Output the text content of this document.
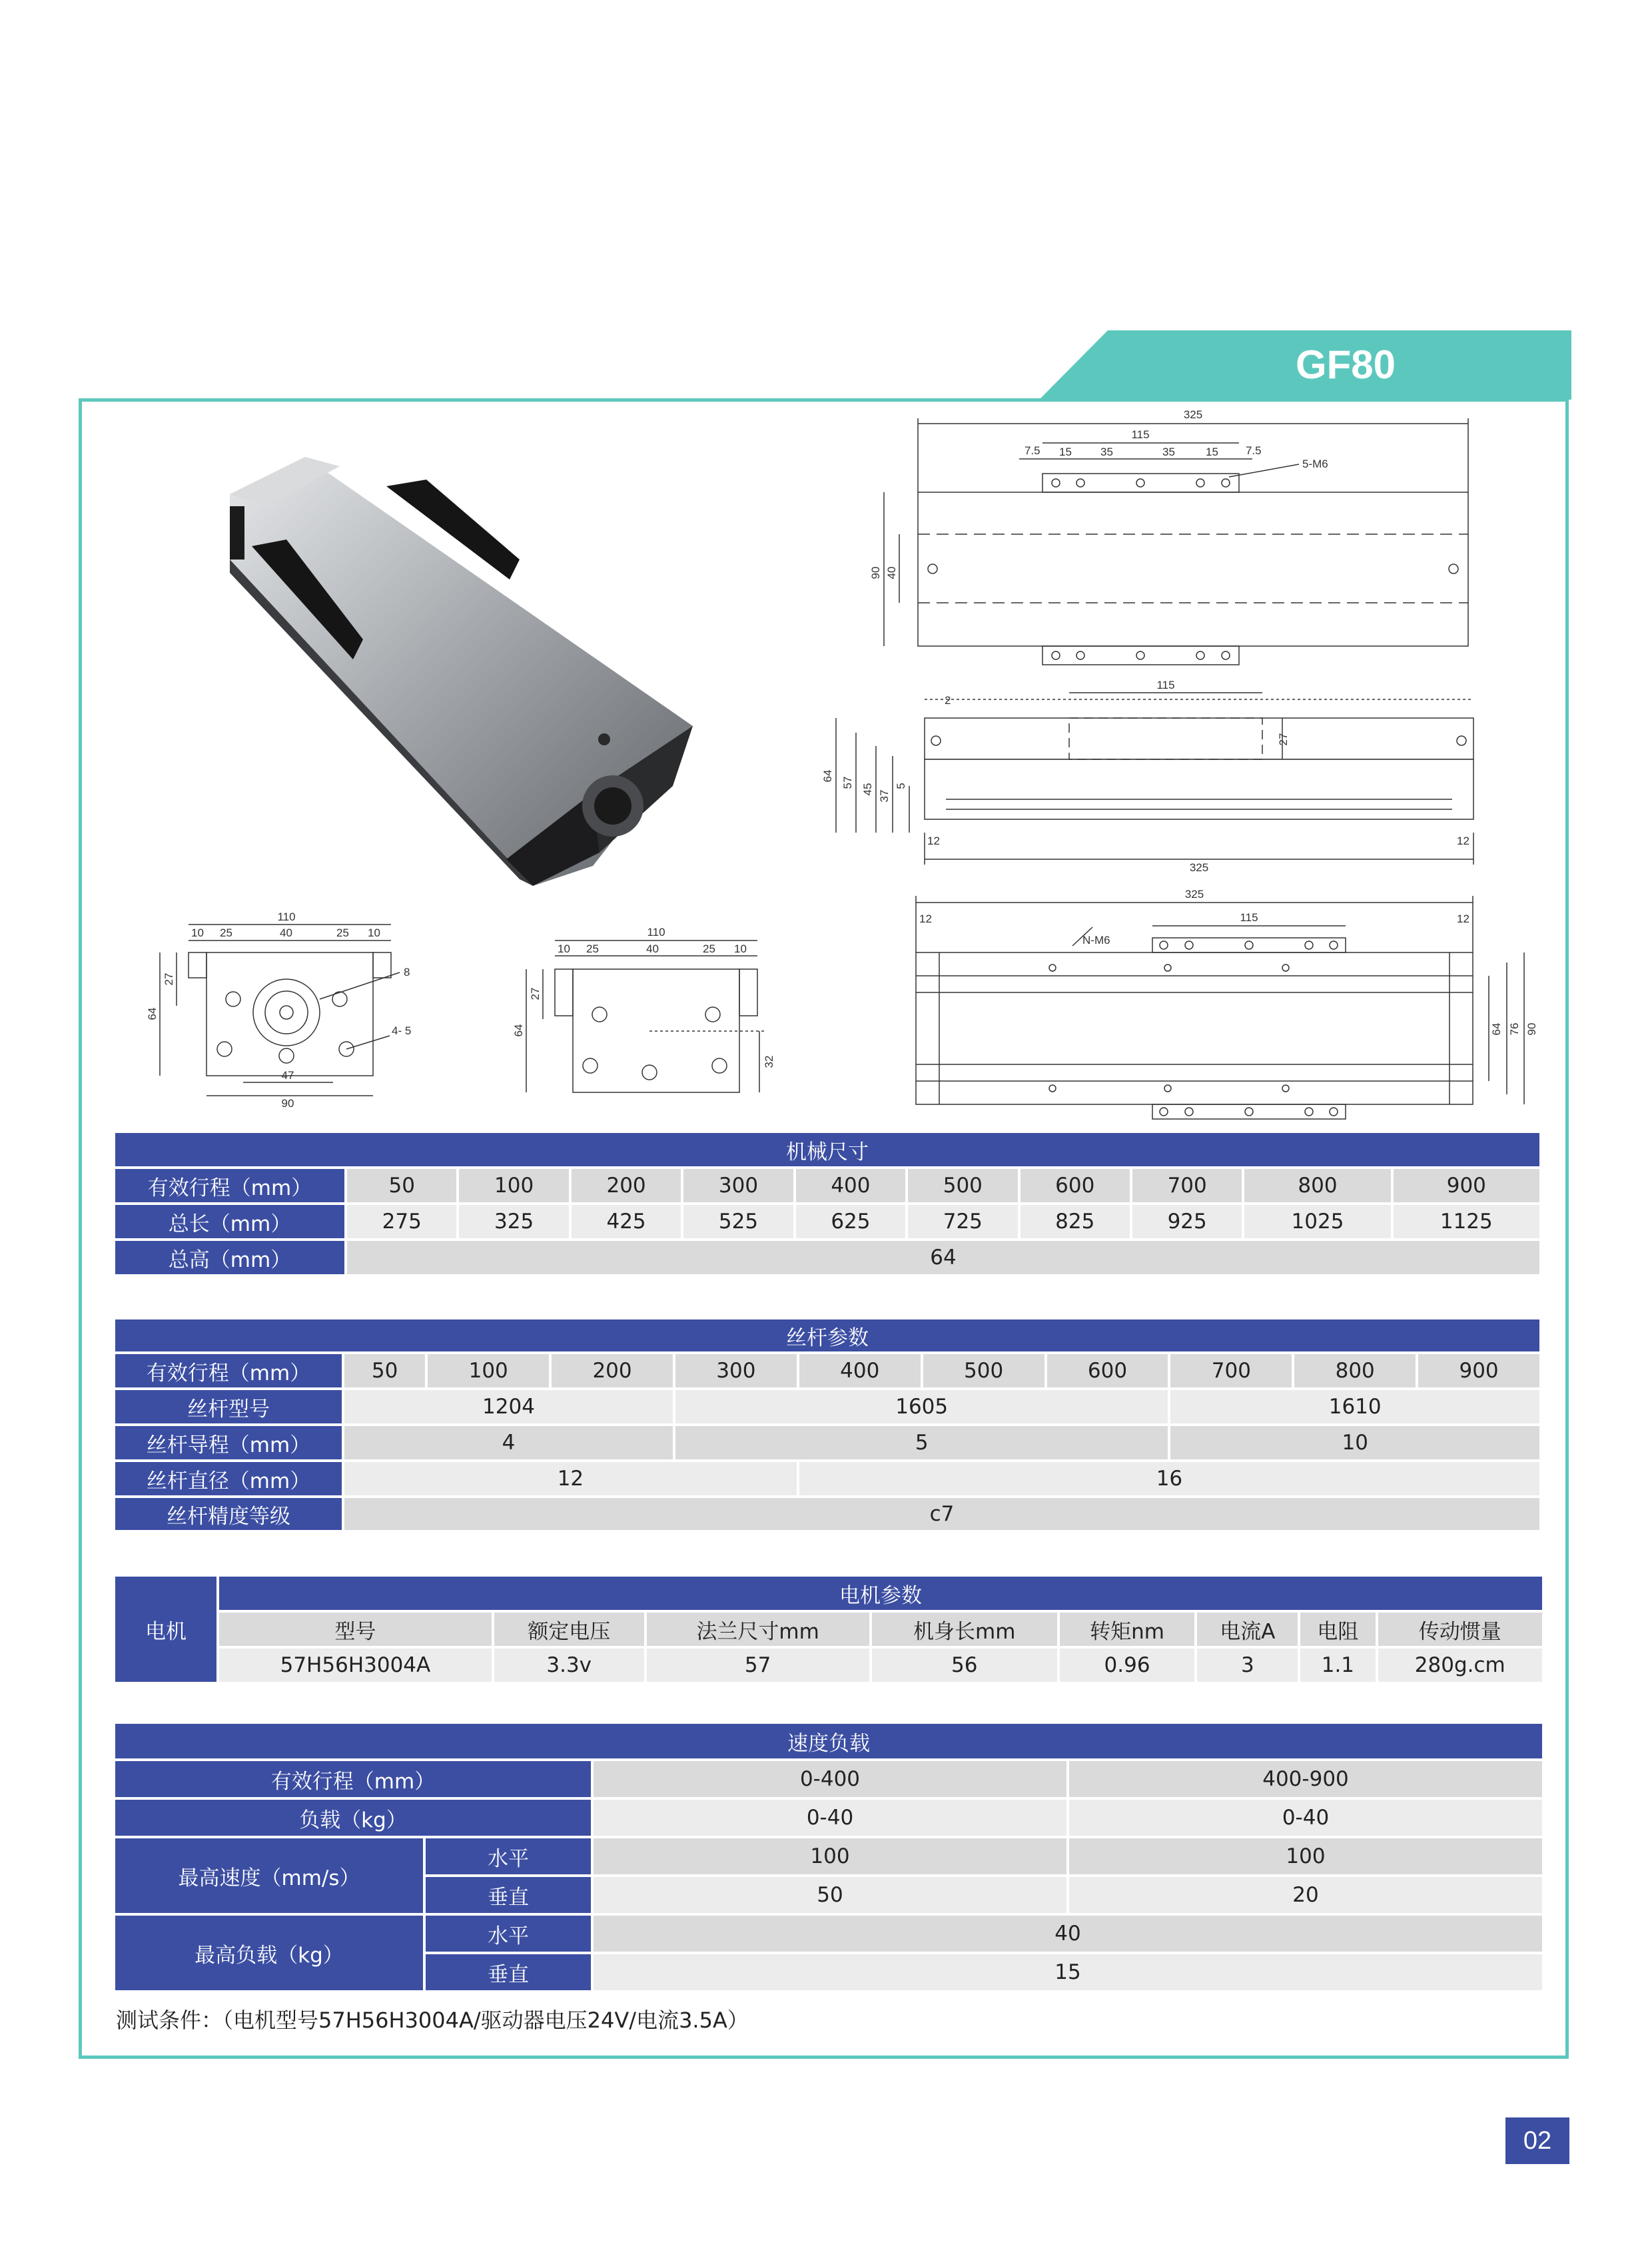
GF80
325
115
7.5 15	35	35	15 7.5
5-M6
90 40
2
115
325
64
57
45
37
5
27
12	12
325
115
12	12
N-M6
64 76 90
110
10 25	40	25 10
64
27
8
4- 5
47
90
110
10 25	40	25 10
64
27
32
机械尺寸										
有效行程（mm）	50	100	200	300	400	500	600	700	800	900
总长（mm）	275	325	425	525	625	725	825	925	1025	1125
总高（mm）	64									
丝杆参数										
有效行程（mm）	50	100	200	300	400	500	600	700	800	900
丝杆型号	1204			1605				1610		
丝杆导程（mm）	4			5				10		
丝杆直径（mm）	12				16					
丝杆精度等级	c7									
电机	电机参数							
	型号	额定电压	法兰尺寸mm	机身长mm	转矩nm	电流A	电阻	传动惯量
	57H56H3004A	3.3v	57	56	0.96	3	1.1	280g.cm
速度负载			
有效行程（mm）		0-400	400-900
负载（kg）		0-40	0-40
最高速度（mm/s）	水平	100	100
	垂直	50	20
最高负载（kg）	水平	40	
	垂直	15	
测试条件：（电机型号57H56H3004A/驱动器电压24V/电流3.5A）
02
